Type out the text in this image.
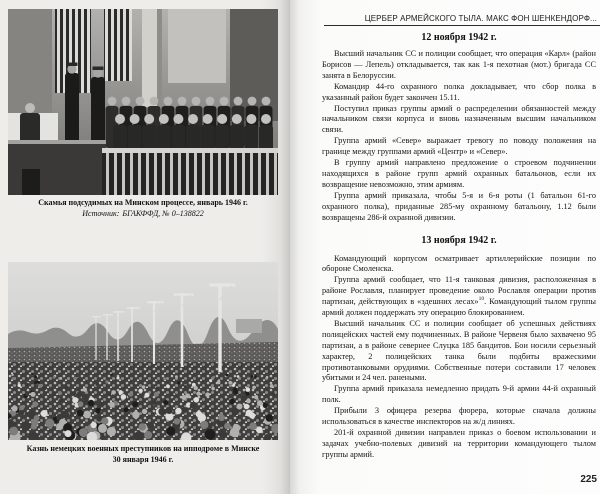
Скамья подсудимых на Минском процессе, январь 1946 г.
Источник: БГАКФФД, № 0–138822
Казнь немецких военных преступников на ипподроме в Минске
30 января 1946 г.
ЦЕРБЕР АРМЕЙСКОГО ТЫЛА. МАКС ФОН ШЕНКЕНДОРФ...
12 ноября 1942 г.

Высший начальник СС и полиции сообщает, что операция «Карл» (район Борисов — Лепель) откладывается, так как 1-я пехотная (мот.) бригада СС занята в Белоруссии.

Командир 44-го охранного полка докладывает, что сбор полка в указанный район будет закончен 15.11.

Поступил приказ группы армий о распределении обязанностей между начальником связи корпуса и вновь назначенным высшим начальником связи.

Группа армий «Север» выражает тревогу по поводу положения на границе между группами армий «Центр» и «Север».

В группу армий направлено предложение о строевом подчинении находящихся в районе групп армий охранных батальонов, если их возвращение невозможно, этим армиям.

Группа армий приказала, чтобы 5-я и 6-я роты (1 батальон 61-го охранного полка), приданные 285-му охранному батальону, 1.12 были возвращены 286-й охранной дивизии.

13 ноября 1942 г.

Командующий корпусом осматривает артиллерийские позиции по обороне Смоленска.

Группа армий сообщает, что 11-я танковая дивизия, расположенная в районе Рославля, планирует проведение около Рославля операции против партизан, действующих в «здешних лесах»$^{10}$. Командующий тылом группы армий должен поддержать эту операцию блокированием.

Высший начальник СС и полиции сообщает об успешных действиях полицейских частей ему подчиненных. В районе Червеня было захвачено 95 партизан, а в районе севернее Слуцка 185 бандитов. Бои носили серьезный характер, 2 полицейских танка были подбиты вражескими противотанковыми орудиями. Собственные потери составили 17 человек убитыми и 24 чел. ранеными.

Группа армий приказала немедленно придать 9-й армии 44-й охранный полк.

Прибыли 3 офицера резерва фюрера, которые сначала должны использоваться в качестве инспекторов на ж/д линиях.

201-й охранной дивизии направлен приказ о боевом использовании и задачах учебно-полевых дивизий на территории командующего тылом группы армий.

225
